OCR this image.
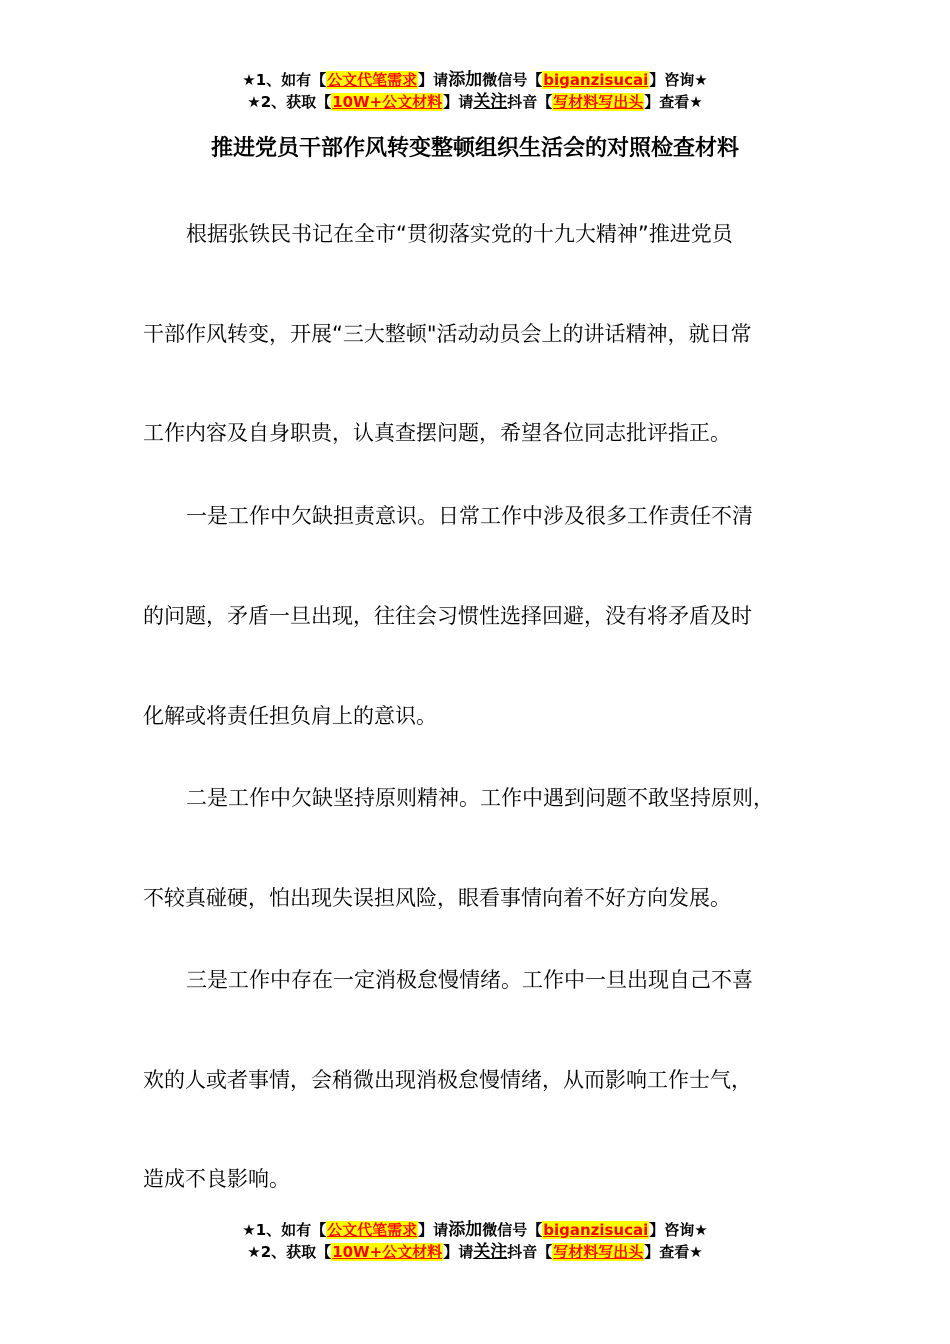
★1、如有【公文代笔需求】请添加微信号【biganzisucai】咨询★
★2、获取【10W+公文材料】请关注抖音【写材料写出头】查看★
推进党员干部作风转变整顿组织生活会的对照检查材料
根据张铁民书记在全市“贯彻落实党的十九大精神”推进党员
干部作风转变，开展“三大整顿"活动动员会上的讲话精神，就日常
工作内容及自身职贵，认真查摆问题，希望各位同志批评指正。
一是工作中欠缺担责意识。日常工作中涉及很多工作责任不清
的问题，矛盾一旦出现，往往会习惯性选择回避，没有将矛盾及时
化解或将责任担负肩上的意识。
二是工作中欠缺坚持原则精神。工作中遇到问题不敢坚持原则，
不较真碰硬，怕出现失误担风险，眼看事情向着不好方向发展。
三是工作中存在一定消极怠慢情绪。工作中一旦出现自己不喜
欢的人或者事情，会稍微出现消极怠慢情绪，从而影响工作士气，
造成不良影响。
★1、如有【公文代笔需求】请添加微信号【biganzisucai】咨询★
★2、获取【10W+公文材料】请关注抖音【写材料写出头】查看★
